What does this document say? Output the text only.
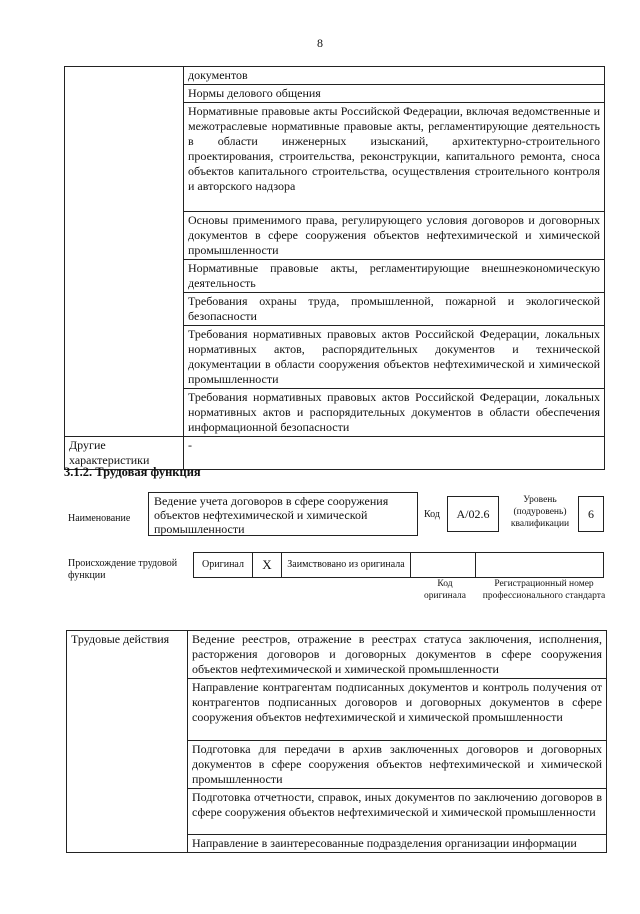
8
	документов
	Нормы делового общения
	Нормативные правовые акты Российской Федерации, включая ведомственные и межотраслевые нормативные правовые акты, регламентирующие деятельность в области инженерных изысканий, архитектурно-строительного проектирования, строительства, реконструкции, капитального ремонта, сноса объектов капитального строительства, осуществления строительного контроля и авторского надзора
	Основы применимого права, регулирующего условия договоров и договорных документов в сфере сооружения объектов нефтехимической и химической промышленности
	Нормативные правовые акты, регламентирующие внешнеэкономическую деятельность
	Требования охраны труда, промышленной, пожарной и экологической безопасности
	Требования нормативных правовых актов Российской Федерации, локальных нормативных актов, распорядительных документов и технической документации в области сооружения объектов нефтехимической и химической промышленности
	Требования нормативных правовых актов Российской Федерации, локальных нормативных актов и распорядительных документов в области обеспечения информационной безопасности
Другие характеристики	-
3.1.2. Трудовая функция
Наименование
Ведение учета договоров в сфере сооружения объектов нефтехимической и химической промышленности
Код А/02.6
Уровень (подуровень) квалификации
6
Происхождение трудовой функции
Оригинал X Заимствовано из оригинала
Код оригинала
Регистрационный номер профессионального стандарта
Трудовые действия	Ведение реестров, отражение в реестрах статуса заключения, исполнения, расторжения договоров и договорных документов в сфере сооружения объектов нефтехимической и химической промышленности
Направление контрагентам подписанных документов и контроль получения от контрагентов подписанных договоров и договорных документов в сфере сооружения объектов нефтехимической и химической промышленности
Подготовка для передачи в архив заключенных договоров и договорных документов в сфере сооружения объектов нефтехимической и химической промышленности
Подготовка отчетности, справок, иных документов по заключению договоров в сфере сооружения объектов нефтехимической и химической промышленности
Направление в заинтересованные подразделения организации информации
